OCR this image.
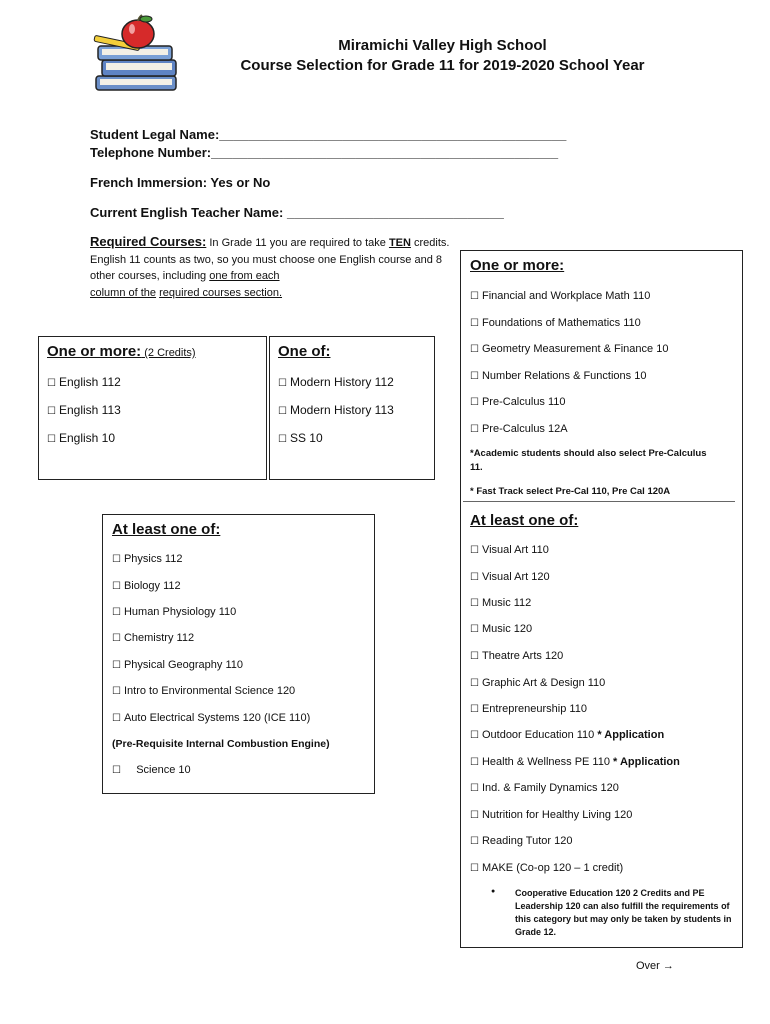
Miramichi Valley High School
Course Selection for Grade 11 for 2019-2020 School Year
Student Legal Name:________________________________________________
Telephone Number:________________________________________________
French Immersion: Yes or No
Current English Teacher Name: ______________________________
Required Courses: In Grade 11 you are required to take TEN credits. English 11 counts as two, so you must choose one English course and 8 other courses, including one from each
column of the required courses section.
One or more: (2 Credits)
☐ English 112
☐ English 113
☐ English 10
One of:
☐ Modern History 112
☐ Modern History 113
☐ SS 10
One or more:
☐ Financial and Workplace Math 110
☐ Foundations of Mathematics 110
☐ Geometry Measurement & Finance 10
☐ Number Relations & Functions 10
☐ Pre-Calculus 110
☐ Pre-Calculus 12A
*Academic students should also select Pre-Calculus 11.
* Fast Track select Pre-Cal 110, Pre Cal 120A
At least one of:
☐ Visual Art 110
☐ Visual Art 120
☐ Music 112
☐ Music 120
☐ Theatre Arts 120
☐ Graphic Art & Design 110
☐ Entrepreneurship 110
☐ Outdoor Education 110 * Application
☐ Health & Wellness PE 110 * Application
☐ Ind. & Family Dynamics 120
☐ Nutrition for Healthy Living 120
☐ Reading Tutor 120
☐ MAKE (Co-op 120 – 1 credit)
● Cooperative Education 120 2 Credits and PE Leadership 120 can also fulfill the requirements of this category but may only be taken by students in Grade 12.
At least one of:
☐ Physics 112
☐ Biology 112
☐ Human Physiology 110
☐ Chemistry 112
☐ Physical Geography 110
☐ Intro to Environmental Science 120
☐ Auto Electrical Systems 120 (ICE 110)
(Pre-Requisite Internal Combustion Engine)
☐ Science 10
Over →
